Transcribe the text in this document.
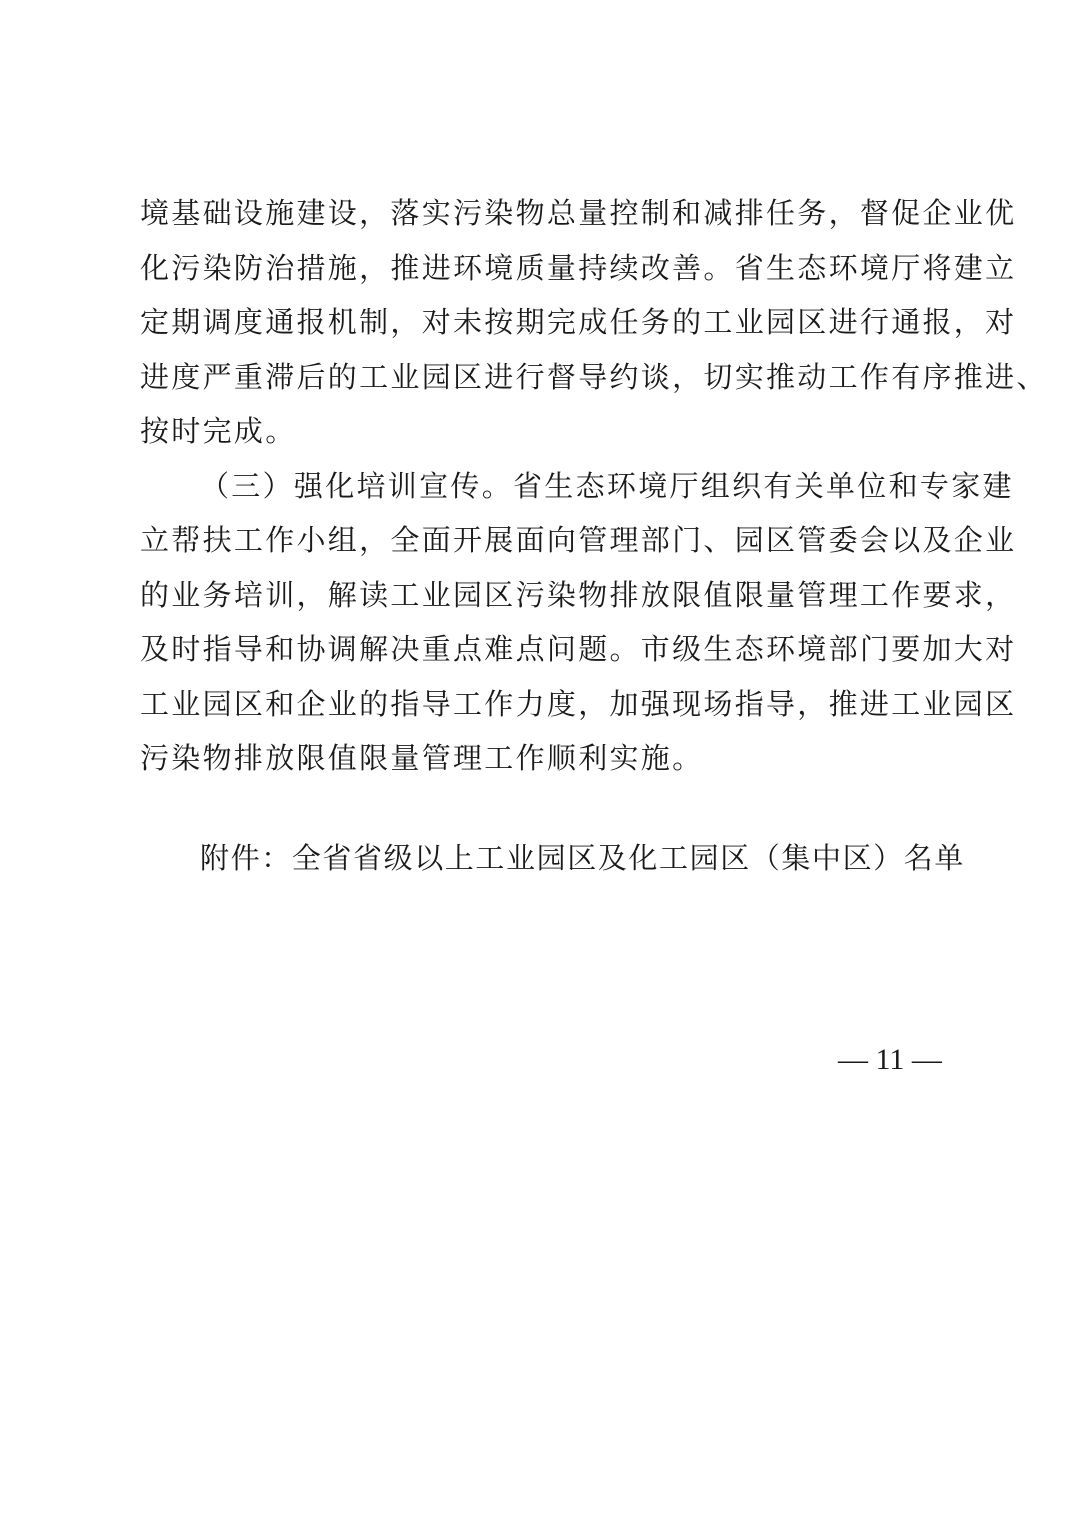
境基础设施建设，落实污染物总量控制和减排任务，督促企业优
化污染防治措施，推进环境质量持续改善。省生态环境厅将建立
定期调度通报机制，对未按期完成任务的工业园区进行通报，对
进度严重滞后的工业园区进行督导约谈，切实推动工作有序推进、
按时完成。
（三）强化培训宣传。省生态环境厅组织有关单位和专家建
立帮扶工作小组，全面开展面向管理部门、园区管委会以及企业
的业务培训，解读工业园区污染物排放限值限量管理工作要求，
及时指导和协调解决重点难点问题。市级生态环境部门要加大对
工业园区和企业的指导工作力度，加强现场指导，推进工业园区
污染物排放限值限量管理工作顺利实施。
附件：全省省级以上工业园区及化工园区（集中区）名单
— 11 —
